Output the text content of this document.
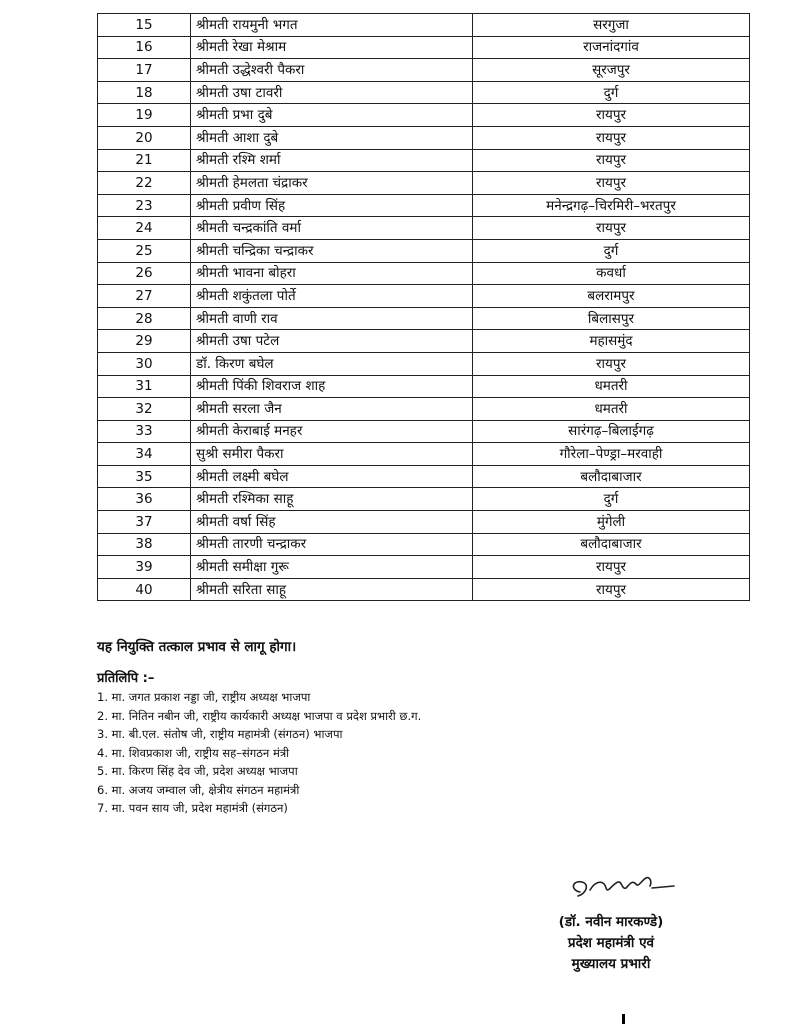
15	श्रीमती रायमुनी भगत	सरगुजा
16	श्रीमती रेखा मेश्राम	राजनांदगांव
17	श्रीमती उद्धेश्वरी पैकरा	सूरजपुर
18	श्रीमती उषा टावरी	दुर्ग
19	श्रीमती प्रभा दुबे	रायपुर
20	श्रीमती आशा दुबे	रायपुर
21	श्रीमती रश्मि शर्मा	रायपुर
22	श्रीमती हेमलता चंद्राकर	रायपुर
23	श्रीमती प्रवीण सिंह	मनेन्द्रगढ़–चिरमिरी–भरतपुर
24	श्रीमती चन्द्रकांति वर्मा	रायपुर
25	श्रीमती चन्द्रिका चन्द्राकर	दुर्ग
26	श्रीमती भावना बोहरा	कवर्धा
27	श्रीमती शकुंतला पोर्ते	बलरामपुर
28	श्रीमती वाणी राव	बिलासपुर
29	श्रीमती उषा पटेल	महासमुंद
30	डॉ. किरण बघेल	रायपुर
31	श्रीमती पिंकी शिवराज शाह	धमतरी
32	श्रीमती सरला जैन	धमतरी
33	श्रीमती केराबाई मनहर	सारंगढ़–बिलाईगढ़
34	सुश्री समीरा पैकरा	गौरेला–पेण्ड्रा–मरवाही
35	श्रीमती लक्ष्मी बघेल	बलौदाबाजार
36	श्रीमती रश्मिका साहू	दुर्ग
37	श्रीमती वर्षा सिंह	मुंगेली
38	श्रीमती तारणी चन्द्राकर	बलौदाबाजार
39	श्रीमती समीक्षा गुरू	रायपुर
40	श्रीमती सरिता साहू	रायपुर
यह नियुक्ति तत्काल प्रभाव से लागू होगा।
प्रतिलिपि :–
1. मा. जगत प्रकाश नड्डा जी, राष्ट्रीय अध्यक्ष भाजपा
2. मा. नितिन नबीन जी, राष्ट्रीय कार्यकारी अध्यक्ष भाजपा व प्रदेश प्रभारी छ.ग.
3. मा. बी.एल. संतोष जी, राष्ट्रीय महामंत्री (संगठन) भाजपा
4. मा. शिवप्रकाश जी, राष्ट्रीय सह–संगठन मंत्री
5. मा. किरण सिंह देव जी, प्रदेश अध्यक्ष भाजपा
6. मा. अजय जम्वाल जी, क्षेत्रीय संगठन महामंत्री
7. मा. पवन साय जी, प्रदेश महामंत्री (संगठन)
(डॉ. नवीन मारकण्डे)
प्रदेश महामंत्री एवं
मुख्यालय प्रभारी
